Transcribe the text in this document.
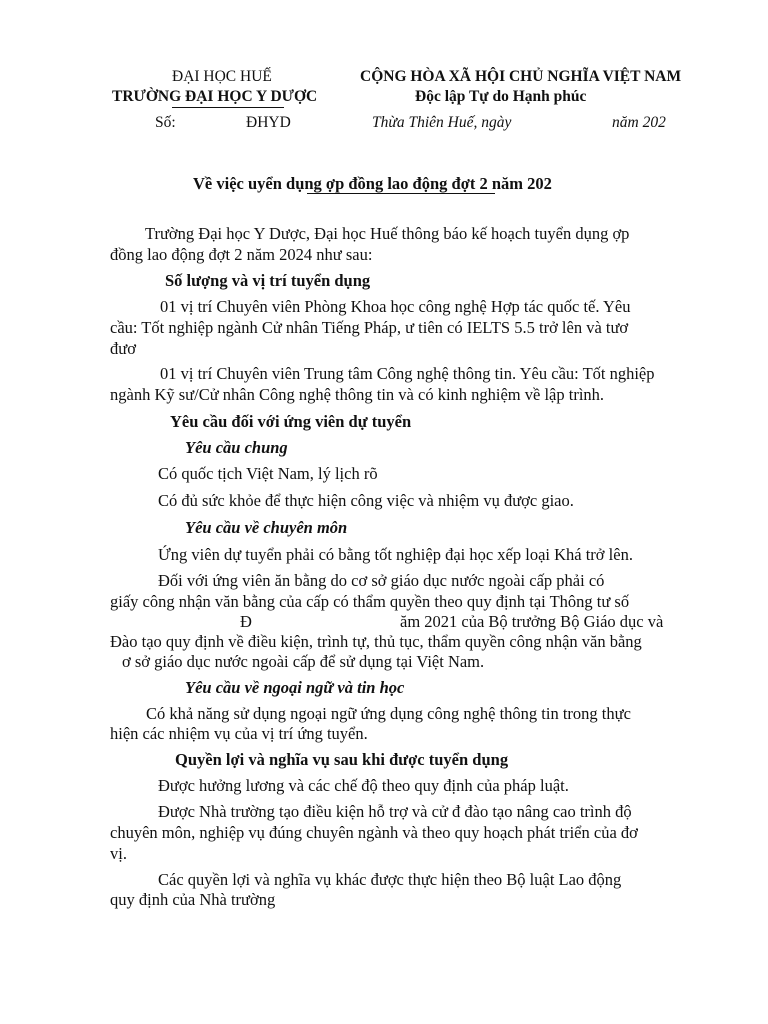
ĐẠI HỌC HUẾ
TRƯỜNG ĐẠI HỌC Y DƯỢC
CỘNG HÒA XÃ HỘI CHỦ NGHĨA VIỆT NAM
Độc lập Tự do Hạnh phúc
Số:	ĐHYD	Thừa Thiên Huế, ngày	năm 202
Về việc uyển dụng ợp đồng lao động đợt 2 năm 202
Trường Đại học Y Dược, Đại học Huế thông báo kế hoạch tuyển dụng ợp
đồng lao động đợt 2 năm 2024 như sau:
Số lượng và vị trí tuyển dụng
01 vị trí Chuyên viên Phòng Khoa học công nghệ Hợp tác quốc tế. Yêu
cầu: Tốt nghiệp ngành Cử nhân Tiếng Pháp, ư tiên có IELTS 5.5 trở lên và tươ
đươ
01 vị trí Chuyên viên Trung tâm Công nghệ thông tin. Yêu cầu: Tốt nghiệp
ngành Kỹ sư/Cử nhân Công nghệ thông tin và có kinh nghiệm về lập trình.
Yêu cầu đối với ứng viên dự tuyển
Yêu cầu chung
Có quốc tịch Việt Nam, lý lịch rõ
Có đủ sức khỏe để thực hiện công việc và nhiệm vụ được giao.
Yêu cầu về chuyên môn
Ứng viên dự tuyển phải có bằng tốt nghiệp đại học xếp loại Khá trở lên.
Đối với ứng viên ăn bằng do cơ sở giáo dục nước ngoài cấp phải có
giấy công nhận văn bằng của cấp có thẩm quyền theo quy định tại Thông tư số
Đ	ăm 2021 của Bộ trưởng Bộ Giáo dục và
Đào tạo quy định về điều kiện, trình tự, thủ tục, thẩm quyền công nhận văn bằng
ơ sở giáo dục nước ngoài cấp để sử dụng tại Việt Nam.
Yêu cầu về ngoại ngữ và tin học
Có khả năng sử dụng ngoại ngữ ứng dụng công nghệ thông tin trong thực
hiện các nhiệm vụ của vị trí ứng tuyển.
Quyền lợi và nghĩa vụ sau khi được tuyển dụng
Được hưởng lương và các chế độ theo quy định của pháp luật.
Được Nhà trường tạo điều kiện hỗ trợ và cử đ đào tạo nâng cao trình độ
chuyên môn, nghiệp vụ đúng chuyên ngành và theo quy hoạch phát triển của đơ
vị.
Các quyền lợi và nghĩa vụ khác được thực hiện theo Bộ luật Lao động
quy định của Nhà trường
